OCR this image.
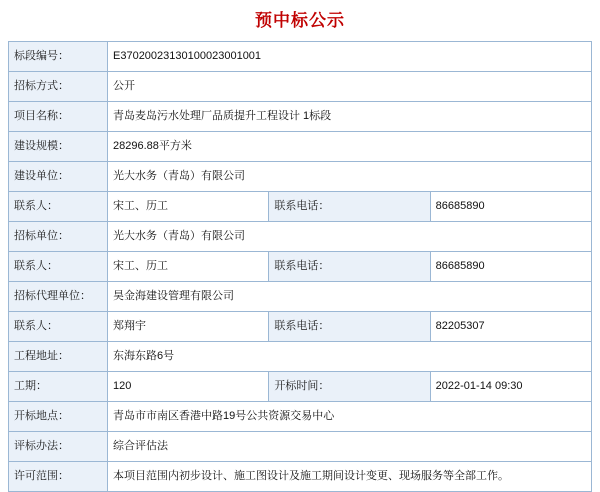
预中标公示
标段编号：	E37020023130100023001001		
招标方式：	公开		
项目名称：	青岛麦岛污水处理厂品质提升工程设计 1标段		
建设规模：	28296.88平方米		
建设单位：	光大水务（青岛）有限公司		
联系人：	宋工、历工	联系电话：	86685890
招标单位：	光大水务（青岛）有限公司		
联系人：	宋工、历工	联系电话：	86685890
招标代理单位：	昊金海建设管理有限公司		
联系人：	郑翔宇	联系电话：	82205307
工程地址：	东海东路6号		
工期：	120	开标时间：	2022-01-14 09:30
开标地点：	青岛市市南区香港中路19号公共资源交易中心		
评标办法：	综合评估法		
许可范围：	本项目范围内初步设计、施工图设计及施工期间设计变更、现场服务等全部工作。		
